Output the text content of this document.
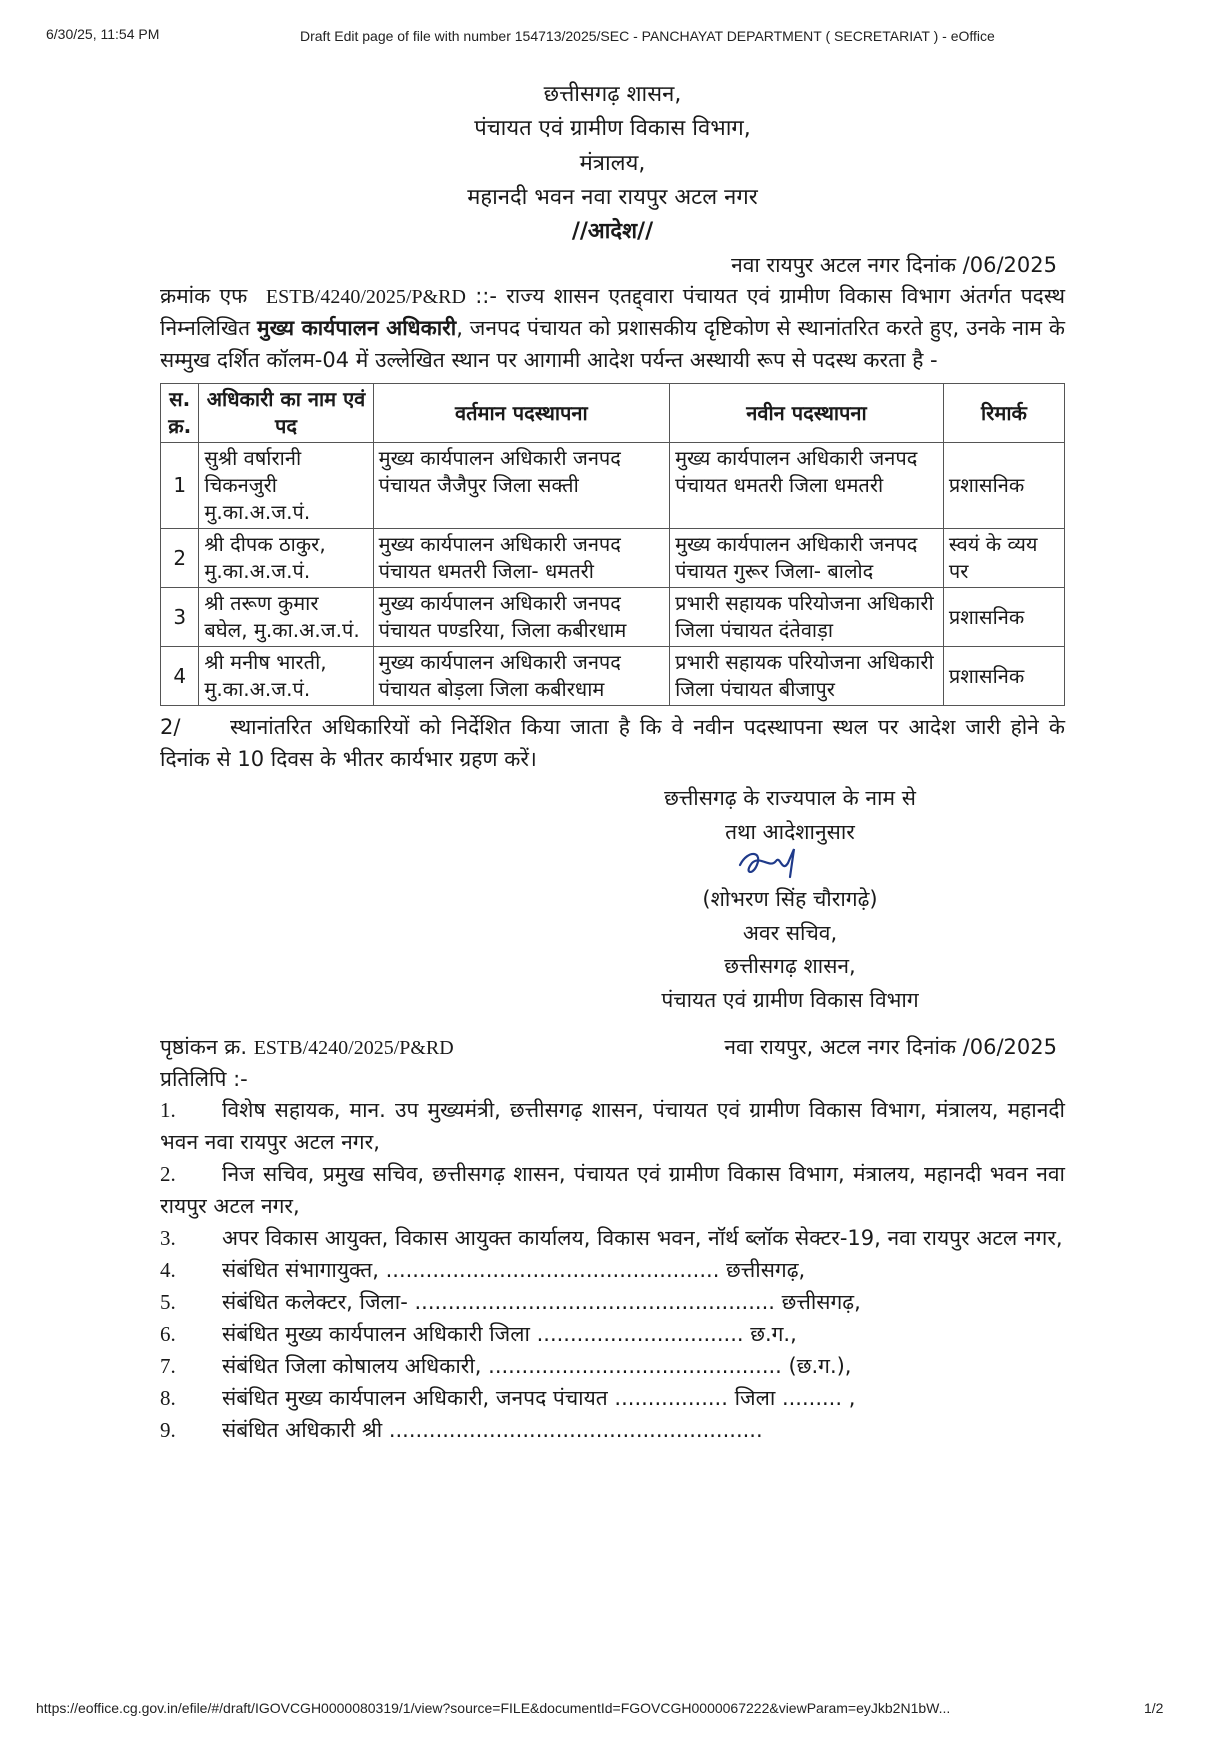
6/30/25, 11:54 PM	Draft Edit page of file with number 154713/2025/SEC - PANCHAYAT DEPARTMENT ( SECRETARIAT ) - eOffice
छत्तीसगढ़ शासन,
पंचायत एवं ग्रामीण विकास विभाग,
मंत्रालय,
महानदी भवन नवा रायपुर अटल नगर
//आदेश//
नवा रायपुर अटल नगर दिनांक /06/2025

क्रमांक एफ ESTB/4240/2025/P&RD ::- राज्य शासन एतद्द्वारा पंचायत एवं ग्रामीण विकास विभाग अंतर्गत पदस्थ निम्नलिखित मुख्य कार्यपालन अधिकारी, जनपद पंचायत को प्रशासकीय दृष्टिकोण से स्थानांतरित करते हुए, उनके नाम के सम्मुख दर्शित कॉलम-04 में उल्लेखित स्थान पर आगामी आदेश पर्यन्त अस्थायी रूप से पदस्थ करता है -

स. क्र.	अधिकारी का नाम एवं पद	वर्तमान पदस्थापना	नवीन पदस्थापना	रिमार्क
1	सुश्री वर्षारानी चिकनजुरी मु.का.अ.ज.पं.	मुख्य कार्यपालन अधिकारी जनपद पंचायत जैजैपुर जिला सक्ती	मुख्य कार्यपालन अधिकारी जनपद पंचायत धमतरी जिला धमतरी	प्रशासनिक
2	श्री दीपक ठाकुर, मु.का.अ.ज.पं.	मुख्य कार्यपालन अधिकारी जनपद पंचायत धमतरी जिला- धमतरी	मुख्य कार्यपालन अधिकारी जनपद पंचायत गुरूर जिला- बालोद	स्वयं के व्यय पर
3	श्री तरूण कुमार बघेल, मु.का.अ.ज.पं.	मुख्य कार्यपालन अधिकारी जनपद पंचायत पण्डरिया, जिला कबीरधाम	प्रभारी सहायक परियोजना अधिकारी जिला पंचायत दंतेवाड़ा	प्रशासनिक
4	श्री मनीष भारती, मु.का.अ.ज.पं.	मुख्य कार्यपालन अधिकारी जनपद पंचायत बोड़ला जिला कबीरधाम	प्रभारी सहायक परियोजना अधिकारी जिला पंचायत बीजापुर	प्रशासनिक

2/ स्थानांतरित अधिकारियों को निर्देशित किया जाता है कि वे नवीन पदस्थापना स्थल पर आदेश जारी होने के दिनांक से 10 दिवस के भीतर कार्यभार ग्रहण करें।

छत्तीसगढ़ के राज्यपाल के नाम से
तथा आदेशानुसार
(शोभरण सिंह चौरागढ़े)
अवर सचिव,
छत्तीसगढ़ शासन,
पंचायत एवं ग्रामीण विकास विभाग
पृष्ठांकन क्र. ESTB/4240/2025/P&RD	नवा रायपुर, अटल नगर दिनांक /06/2025
प्रतिलिपि :-
1. विशेष सहायक, मान. उप मुख्यमंत्री, छत्तीसगढ़ शासन, पंचायत एवं ग्रामीण विकास विभाग, मंत्रालय, महानदी भवन नवा रायपुर अटल नगर,
2. निज सचिव, प्रमुख सचिव, छत्तीसगढ़ शासन, पंचायत एवं ग्रामीण विकास विभाग, मंत्रालय, महानदी भवन नवा रायपुर अटल नगर,
3. अपर विकास आयुक्त, विकास आयुक्त कार्यालय, विकास भवन, नॉर्थ ब्लॉक सेक्टर-19, नवा रायपुर अटल नगर,
4. संबंधित संभागायुक्त, .................................................. छत्तीसगढ़,
5. संबंधित कलेक्टर, जिला- ...................................................... छत्तीसगढ़,
6. संबंधित मुख्य कार्यपालन अधिकारी जिला ............................... छ.ग.,
7. संबंधित जिला कोषालय अधिकारी, ............................................ (छ.ग.),
8. संबंधित मुख्य कार्यपालन अधिकारी, जनपद पंचायत ................. जिला ......... ,
9. संबंधित अधिकारी श्री ........................................................
https://eoffice.cg.gov.in/efile/#/draft/IGOVCGH0000080319/1/view?source=FILE&documentId=FGOVCGH0000067222&viewParam=eyJkb2N1bW...	1/2
